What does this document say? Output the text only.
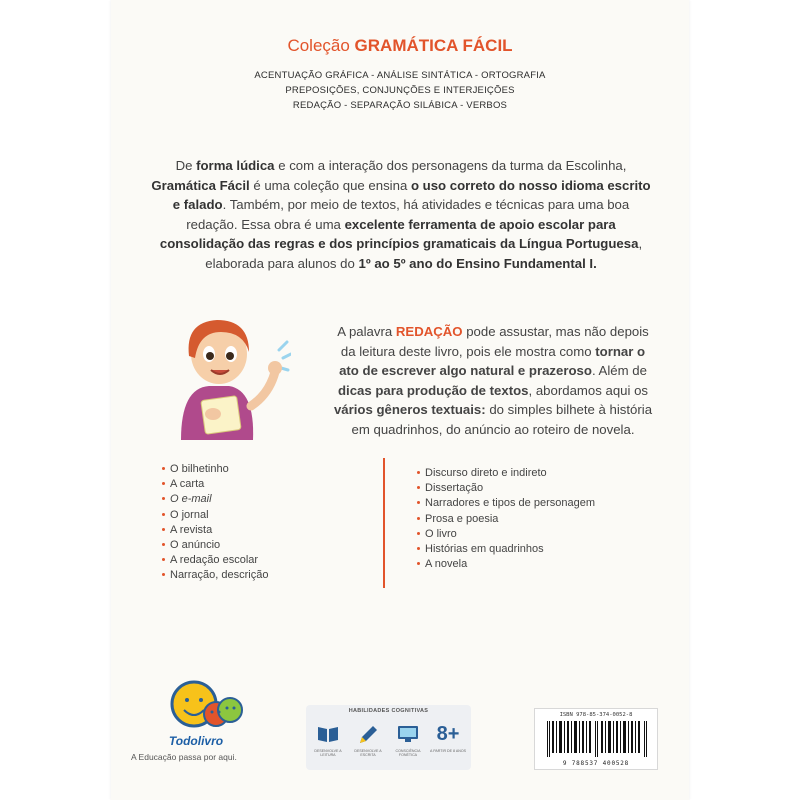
Coleção GRAMÁTICA FÁCIL
ACENTUAÇÃO GRÁFICA - ANÁLISE SINTÁTICA - ORTOGRAFIA
PREPOSIÇÕES, CONJUNÇÕES E INTERJEIÇÕES
REDAÇÃO - SEPARAÇÃO SILÁBICA - VERBOS
De forma lúdica e com a interação dos personagens da turma da Escolinha,
Gramática Fácil é uma coleção que ensina o uso correto do nosso idioma escrito e falado. Também, por meio de textos, há atividades e técnicas para uma boa redação. Essa obra é uma excelente ferramenta de apoio escolar para consolidação das regras e dos princípios gramaticais da Língua Portuguesa, elaborada para alunos do 1º ao 5º ano do Ensino Fundamental I.
A palavra REDAÇÃO pode assustar, mas não depois da leitura deste livro, pois ele mostra como tornar o ato de escrever algo natural e prazeroso. Além de dicas para produção de textos, abordamos aqui os vários gêneros textuais: do simples bilhete à história em quadrinhos, do anúncio ao roteiro de novela.
O bilhetinho
A carta
O e-mail
O jornal
A revista
O anúncio
A redação escolar
Narração, descrição
Discurso direto e indireto
Dissertação
Narradores e tipos de personagem
Prosa e poesia
O livro
Histórias em quadrinhos
A novela
Todolivro
A Educação passa por aqui.
HABILIDADES COGNITIVAS
DESENVOLVE A LEITURA
DESENVOLVE A ESCRITA
CONSCIÊNCIA FONÉTICA
8+
A PARTIR DE 8 ANOS
ISBN 978-85-374-0052-8
9 788537 400528
